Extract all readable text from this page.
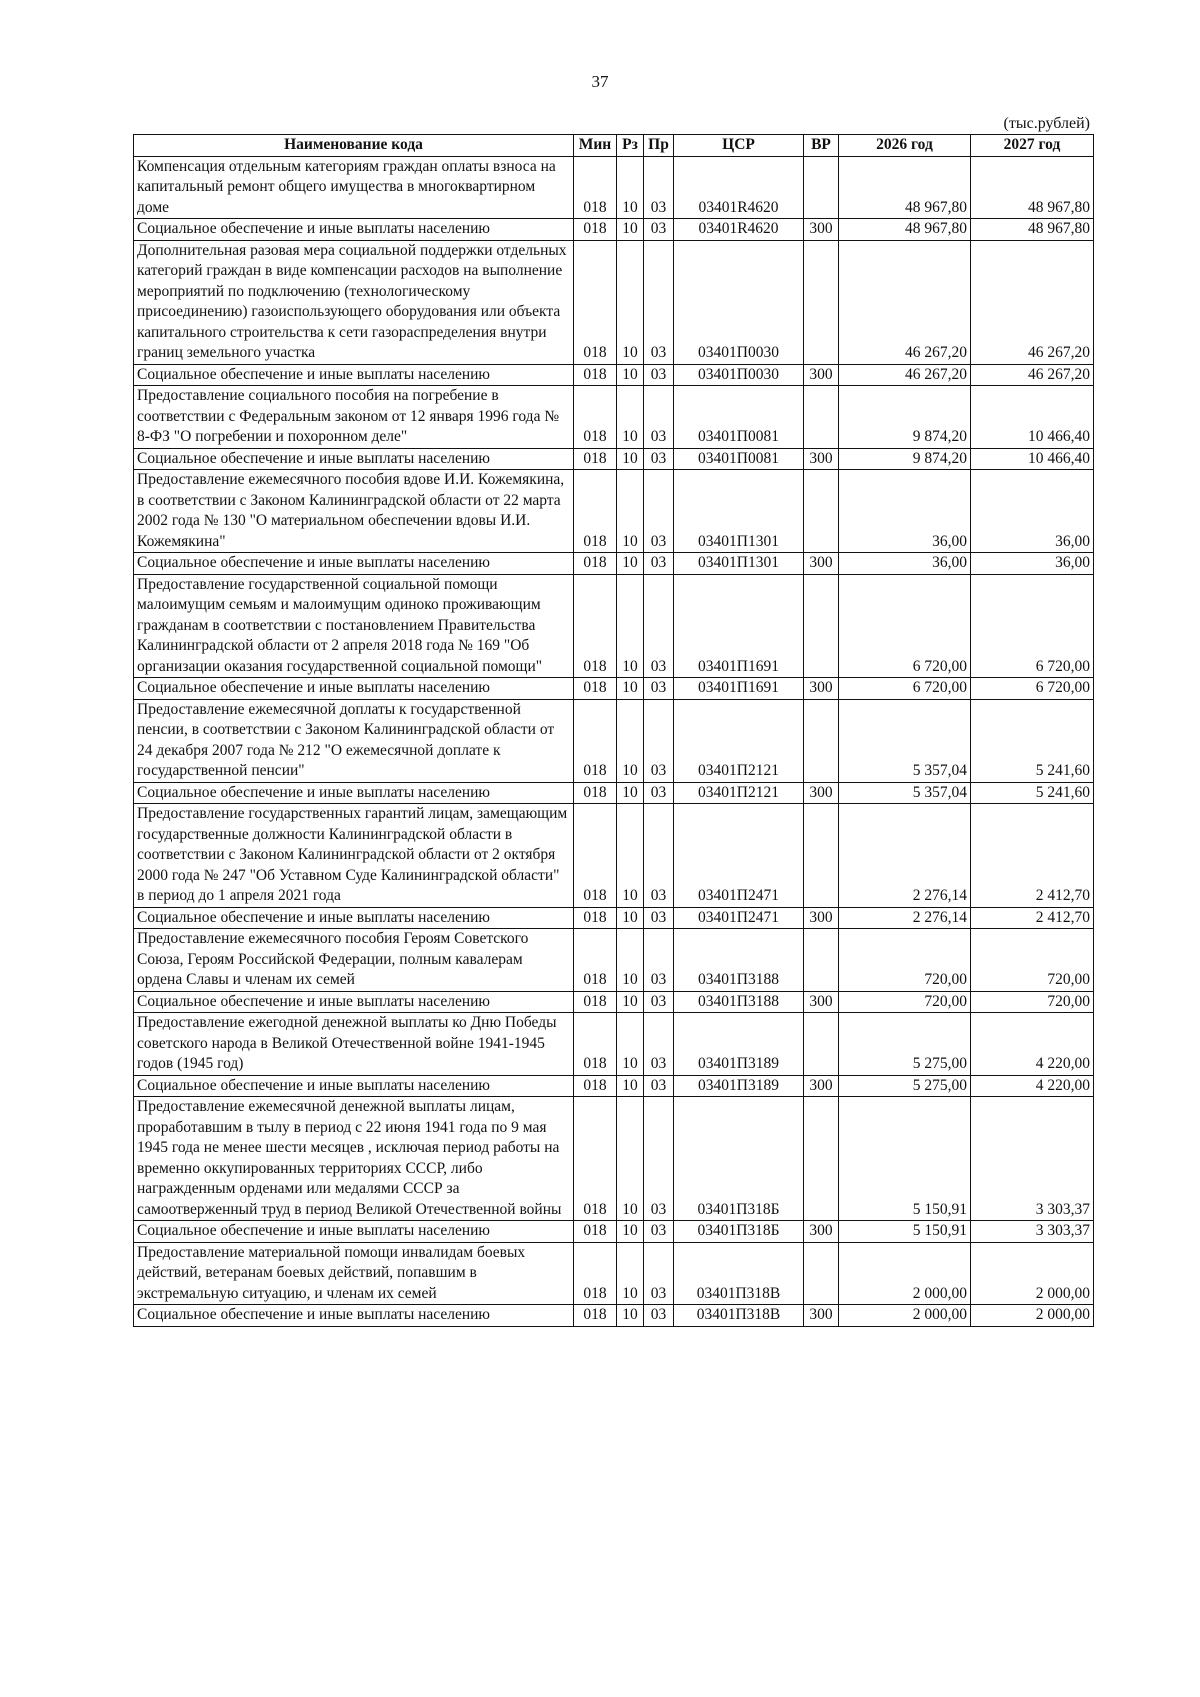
37
(тыс.рублей)
Наименование кода	Мин	Рз	Пр	ЦСР	ВР	2026 год	2027 год
Компенсация отдельным категориям граждан оплаты взноса на капитальный ремонт общего имущества в многоквартирном доме	018	10	03	03401R4620		48 967,80	48 967,80
Социальное обеспечение и иные выплаты населению	018	10	03	03401R4620	300	48 967,80	48 967,80
Дополнительная разовая мера социальной поддержки отдельных категорий граждан в виде компенсации расходов на выполнение мероприятий по подключению (технологическому присоединению) газоиспользующего оборудования или объекта капитального строительства к сети газораспределения внутри границ земельного участка	018	10	03	03401П0030		46 267,20	46 267,20
Социальное обеспечение и иные выплаты населению	018	10	03	03401П0030	300	46 267,20	46 267,20
Предоставление социального пособия на погребение в соответствии с Федеральным законом от 12 января 1996 года № 8-ФЗ "О погребении и похоронном деле"	018	10	03	03401П0081		9 874,20	10 466,40
Социальное обеспечение и иные выплаты населению	018	10	03	03401П0081	300	9 874,20	10 466,40
Предоставление ежемесячного пособия вдове И.И. Кожемякина, в соответствии с Законом Калининградской области от 22 марта 2002 года № 130 "О материальном обеспечении вдовы И.И. Кожемякина"	018	10	03	03401П1301		36,00	36,00
Социальное обеспечение и иные выплаты населению	018	10	03	03401П1301	300	36,00	36,00
Предоставление государственной социальной помощи малоимущим семьям и малоимущим одиноко проживающим гражданам в соответствии с постановлением Правительства Калининградской области от 2 апреля 2018 года № 169 "Об организации оказания государственной социальной помощи"	018	10	03	03401П1691		6 720,00	6 720,00
Социальное обеспечение и иные выплаты населению	018	10	03	03401П1691	300	6 720,00	6 720,00
Предоставление ежемесячной доплаты к государственной пенсии, в соответствии с Законом Калининградской области от 24 декабря 2007 года № 212 "О ежемесячной доплате к государственной пенсии"	018	10	03	03401П2121		5 357,04	5 241,60
Социальное обеспечение и иные выплаты населению	018	10	03	03401П2121	300	5 357,04	5 241,60
Предоставление государственных гарантий лицам, замещающим государственные должности Калининградской области в соответствии с Законом Калининградской области от 2 октября 2000 года № 247 "Об Уставном Суде Калининградской области" в период до 1 апреля 2021 года	018	10	03	03401П2471		2 276,14	2 412,70
Социальное обеспечение и иные выплаты населению	018	10	03	03401П2471	300	2 276,14	2 412,70
Предоставление ежемесячного пособия Героям Советского Союза, Героям Российской Федерации, полным кавалерам ордена Славы и членам их семей	018	10	03	03401П3188		720,00	720,00
Социальное обеспечение и иные выплаты населению	018	10	03	03401П3188	300	720,00	720,00
Предоставление ежегодной денежной выплаты ко Дню Победы советского народа в Великой Отечественной войне 1941-1945 годов (1945 год)	018	10	03	03401П3189		5 275,00	4 220,00
Социальное обеспечение и иные выплаты населению	018	10	03	03401П3189	300	5 275,00	4 220,00
Предоставление ежемесячной денежной выплаты лицам, проработавшим в тылу в период с 22 июня 1941 года по 9 мая 1945 года не менее шести месяцев , исключая период работы на временно оккупированных территориях СССР, либо награжденным орденами или медалями СССР за самоотверженный труд в период Великой Отечественной войны	018	10	03	03401П318Б		5 150,91	3 303,37
Социальное обеспечение и иные выплаты населению	018	10	03	03401П318Б	300	5 150,91	3 303,37
Предоставление материальной помощи инвалидам боевых действий, ветеранам боевых действий, попавшим в экстремальную ситуацию, и членам их семей	018	10	03	03401П318В		2 000,00	2 000,00
Социальное обеспечение и иные выплаты населению	018	10	03	03401П318В	300	2 000,00	2 000,00
